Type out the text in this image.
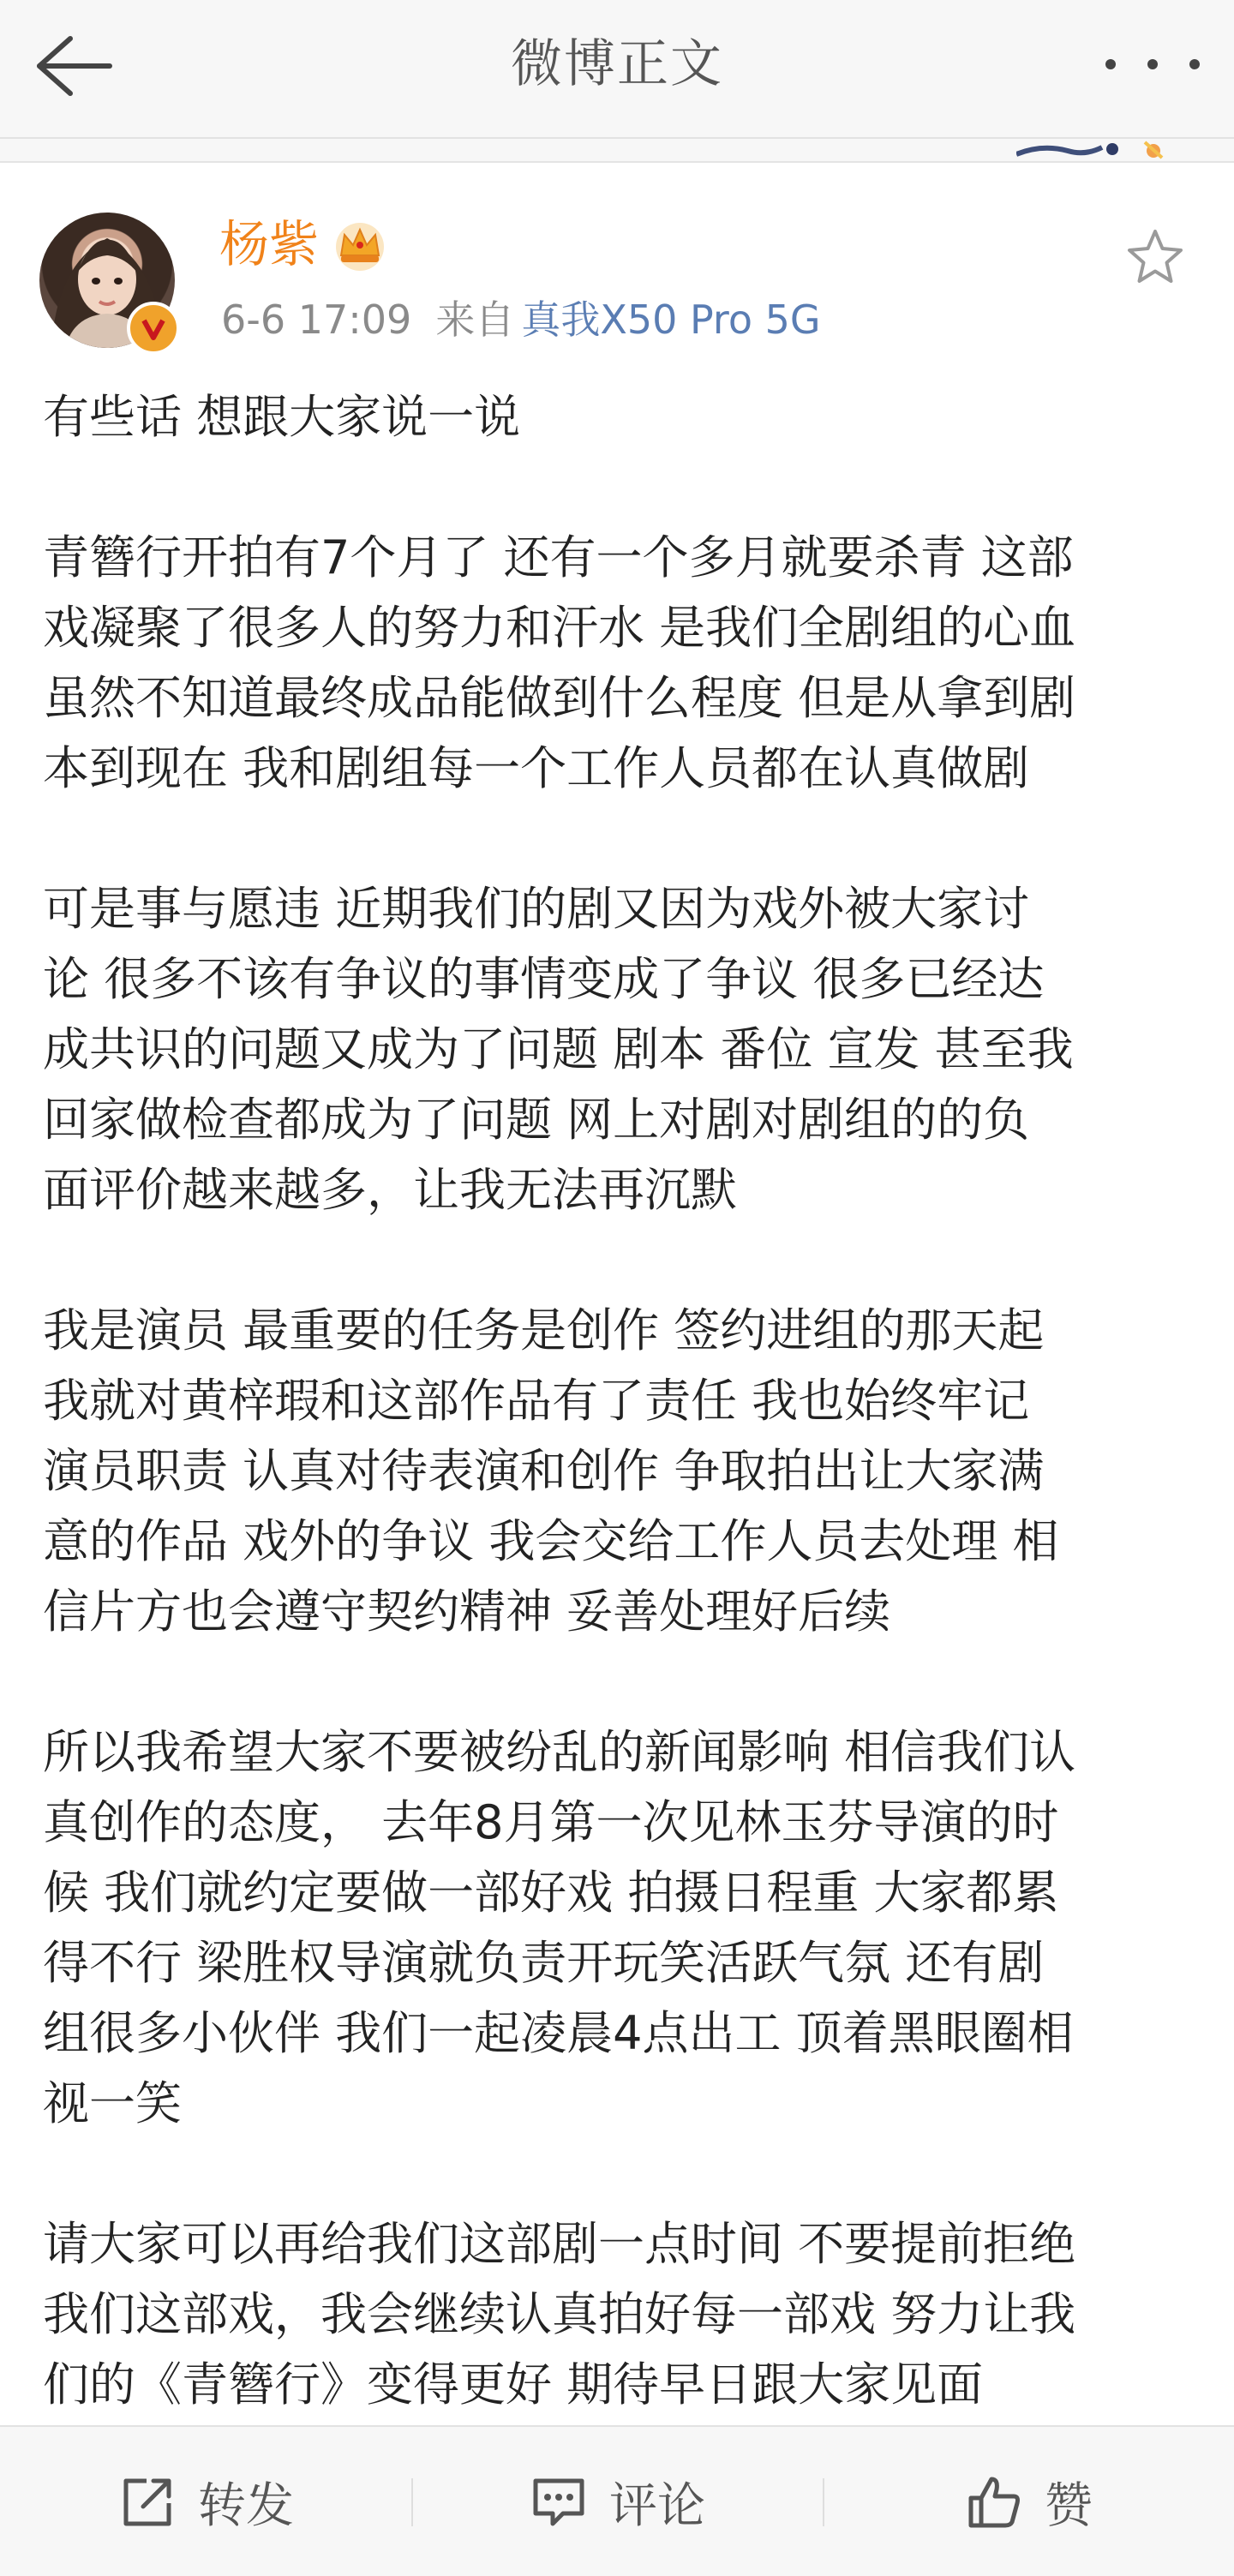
微博正文
杨紫
6-6 17:09 来自 真我X50 Pro 5G
有些话 想跟大家说一说
青簪行开拍有7个月了 还有一个多月就要杀青 这部
戏凝聚了很多人的努力和汗水 是我们全剧组的心血
虽然不知道最终成品能做到什么程度 但是从拿到剧
本到现在 我和剧组每一个工作人员都在认真做剧
可是事与愿违 近期我们的剧又因为戏外被大家讨
论 很多不该有争议的事情变成了争议 很多已经达
成共识的问题又成为了问题 剧本 番位 宣发 甚至我
回家做检查都成为了问题 网上对剧对剧组的的负
面评价越来越多，让我无法再沉默
我是演员 最重要的任务是创作 签约进组的那天起
我就对黄梓瑕和这部作品有了责任 我也始终牢记
演员职责 认真对待表演和创作 争取拍出让大家满
意的作品 戏外的争议 我会交给工作人员去处理 相
信片方也会遵守契约精神 妥善处理好后续
所以我希望大家不要被纷乱的新闻影响 相信我们认
真创作的态度， 去年8月第一次见林玉芬导演的时
候 我们就约定要做一部好戏 拍摄日程重 大家都累
得不行 梁胜权导演就负责开玩笑活跃气氛 还有剧
组很多小伙伴 我们一起凌晨4点出工 顶着黑眼圈相
视一笑
请大家可以再给我们这部剧一点时间 不要提前拒绝
我们这部戏，我会继续认真拍好每一部戏 努力让我
们的《青簪行》变得更好 期待早日跟大家见面
转发	评论	赞
